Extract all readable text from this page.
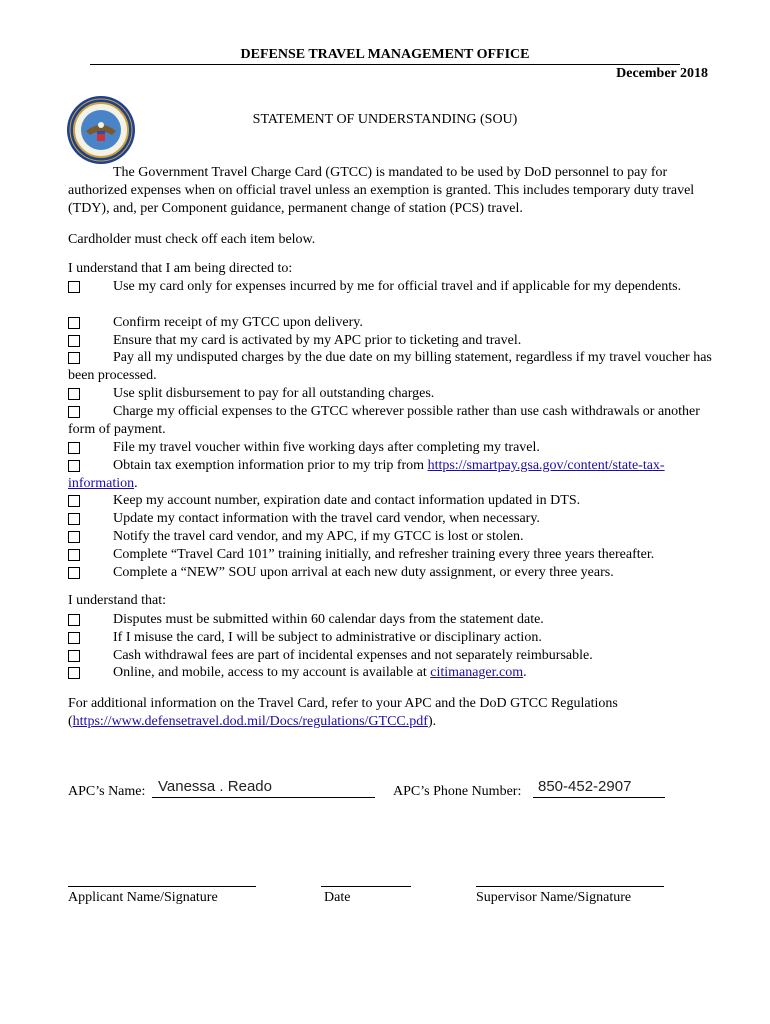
DEFENSE TRAVEL MANAGEMENT OFFICE
December 2018
STATEMENT OF UNDERSTANDING (SOU)
The Government Travel Charge Card (GTCC) is mandated to be used by DoD personnel to pay for authorized expenses when on official travel unless an exemption is granted. This includes temporary duty travel (TDY), and, per Component guidance, permanent change of station (PCS) travel.
Cardholder must check off each item below.
I understand that I am being directed to:
Use my card only for expenses incurred by me for official travel and if applicable for my dependents.
Confirm receipt of my GTCC upon delivery.
Ensure that my card is activated by my APC prior to ticketing and travel.
Pay all my undisputed charges by the due date on my billing statement, regardless if my travel voucher has been processed.
Use split disbursement to pay for all outstanding charges.
Charge my official expenses to the GTCC wherever possible rather than use cash withdrawals or another form of payment.
File my travel voucher within five working days after completing my travel.
Obtain tax exemption information prior to my trip from https://smartpay.gsa.gov/content/state-tax-information.
Keep my account number, expiration date and contact information updated in DTS.
Update my contact information with the travel card vendor, when necessary.
Notify the travel card vendor, and my APC, if my GTCC is lost or stolen.
Complete “Travel Card 101” training initially, and refresher training every three years thereafter.
Complete a “NEW” SOU upon arrival at each new duty assignment, or every three years.
I understand that:
Disputes must be submitted within 60 calendar days from the statement date.
If I misuse the card, I will be subject to administrative or disciplinary action.
Cash withdrawal fees are part of incidental expenses and not separately reimbursable.
Online, and mobile, access to my account is available at citimanager.com.
For additional information on the Travel Card, refer to your APC and the DoD GTCC Regulations (https://www.defensetravel.dod.mil/Docs/regulations/GTCC.pdf).
APC’s Name: Vanessa . Reado	APC’s Phone Number: 850-452-2907
Applicant Name/Signature	Date	Supervisor Name/Signature
